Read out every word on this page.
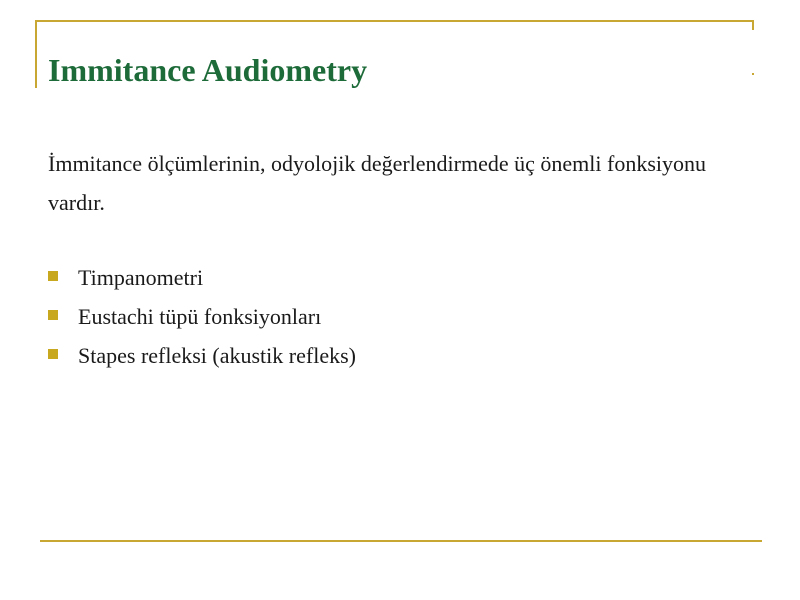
Immitance Audiometry

İmmitance ölçümlerinin, odyolojik değerlendirmede üç önemli fonksiyonu vardır.

Timpanometri
Eustachi tüpü fonksiyonları
Stapes refleksi (akustik refleks)
